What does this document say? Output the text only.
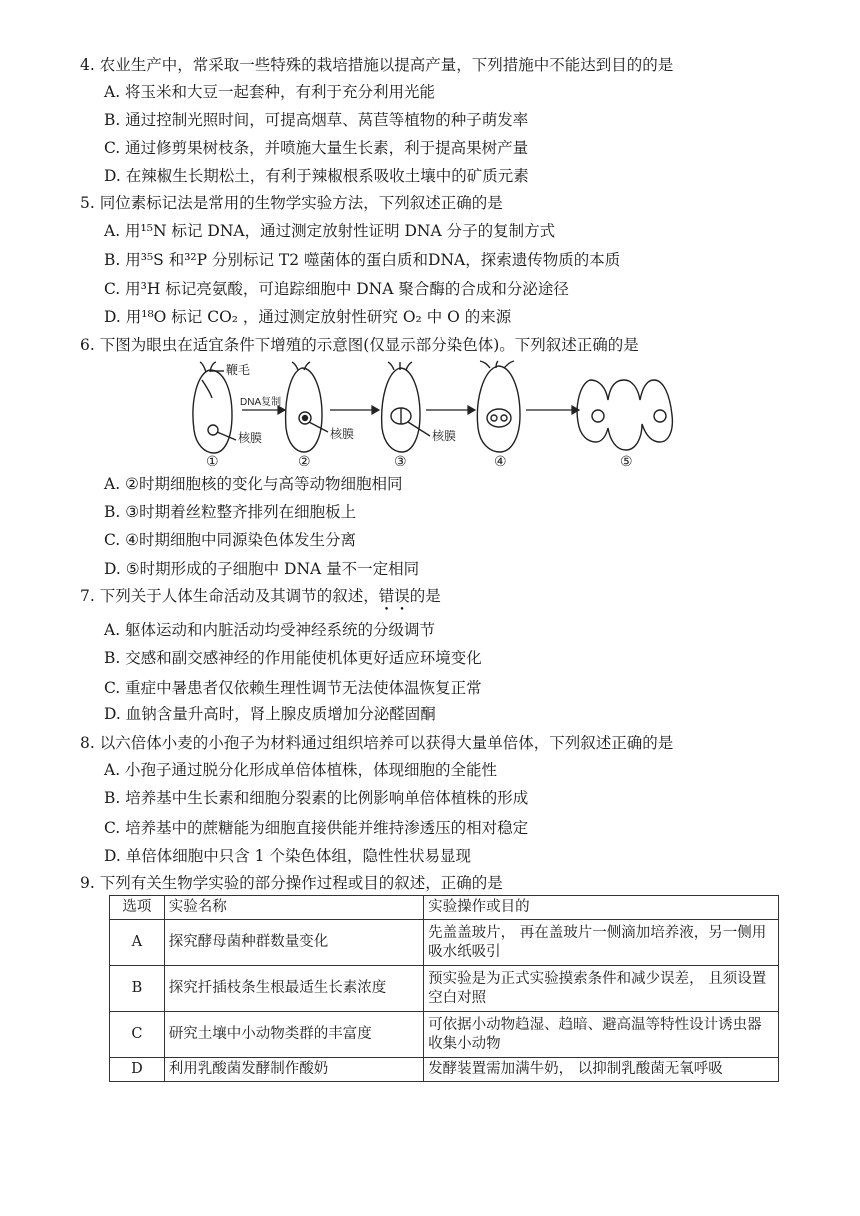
4. 农业生产中，常采取一些特殊的栽培措施以提高产量，下列措施中不能达到目的的是
A. 将玉米和大豆一起套种，有利于充分利用光能
B. 通过控制光照时间，可提高烟草、莴苣等植物的种子萌发率
C. 通过修剪果树枝条，并喷施大量生长素，利于提高果树产量
D. 在辣椒生长期松土，有利于辣椒根系吸收土壤中的矿质元素
5. 同位素标记法是常用的生物学实验方法，下列叙述正确的是
A. 用¹⁵N 标记 DNA，通过测定放射性证明 DNA 分子的复制方式
B. 用³⁵S 和³²P 分别标记 T2 噬菌体的蛋白质和DNA，探索遗传物质的本质
C. 用³H 标记亮氨酸，可追踪细胞中 DNA 聚合酶的合成和分泌途径
D. 用¹⁸O 标记 CO₂ ，通过测定放射性研究 O₂ 中 O 的来源
6. 下图为眼虫在适宜条件下增殖的示意图(仅显示部分染色体)。下列叙述正确的是
鞭毛
DNA复制
核膜	核膜	核膜
①	②	③	④	⑤
A. ②时期细胞核的变化与高等动物细胞相同
B. ③时期着丝粒整齐排列在细胞板上
C. ④时期细胞中同源染色体发生分离
D. ⑤时期形成的子细胞中 DNA 量不一定相同
7. 下列关于人体生命活动及其调节的叙述，错误的是
A. 躯体运动和内脏活动均受神经系统的分级调节
B. 交感和副交感神经的作用能使机体更好适应环境变化
C. 重症中暑患者仅依赖生理性调节无法使体温恢复正常
D. 血钠含量升高时，肾上腺皮质增加分泌醛固酮
8. 以六倍体小麦的小孢子为材料通过组织培养可以获得大量单倍体，下列叙述正确的是
A. 小孢子通过脱分化形成单倍体植株，体现细胞的全能性
B. 培养基中生长素和细胞分裂素的比例影响单倍体植株的形成
C. 培养基中的蔗糖能为细胞直接供能并维持渗透压的相对稳定
D. 单倍体细胞中只含 1 个染色体组，隐性性状易显现
9. 下列有关生物学实验的部分操作过程或目的叙述，正确的是
选项	实验名称	实验操作或目的
A	探究酵母菌种群数量变化	先盖盖玻片， 再在盖玻片一侧滴加培养液，另一侧用吸水纸吸引
B	探究扦插枝条生根最适生长素浓度	预实验是为正式实验摸索条件和减少误差， 且须设置空白对照
C	研究土壤中小动物类群的丰富度	可依据小动物趋湿、趋暗、避高温等特性设计诱虫器收集小动物
D	利用乳酸菌发酵制作酸奶	发酵装置需加满牛奶， 以抑制乳酸菌无氧呼吸
